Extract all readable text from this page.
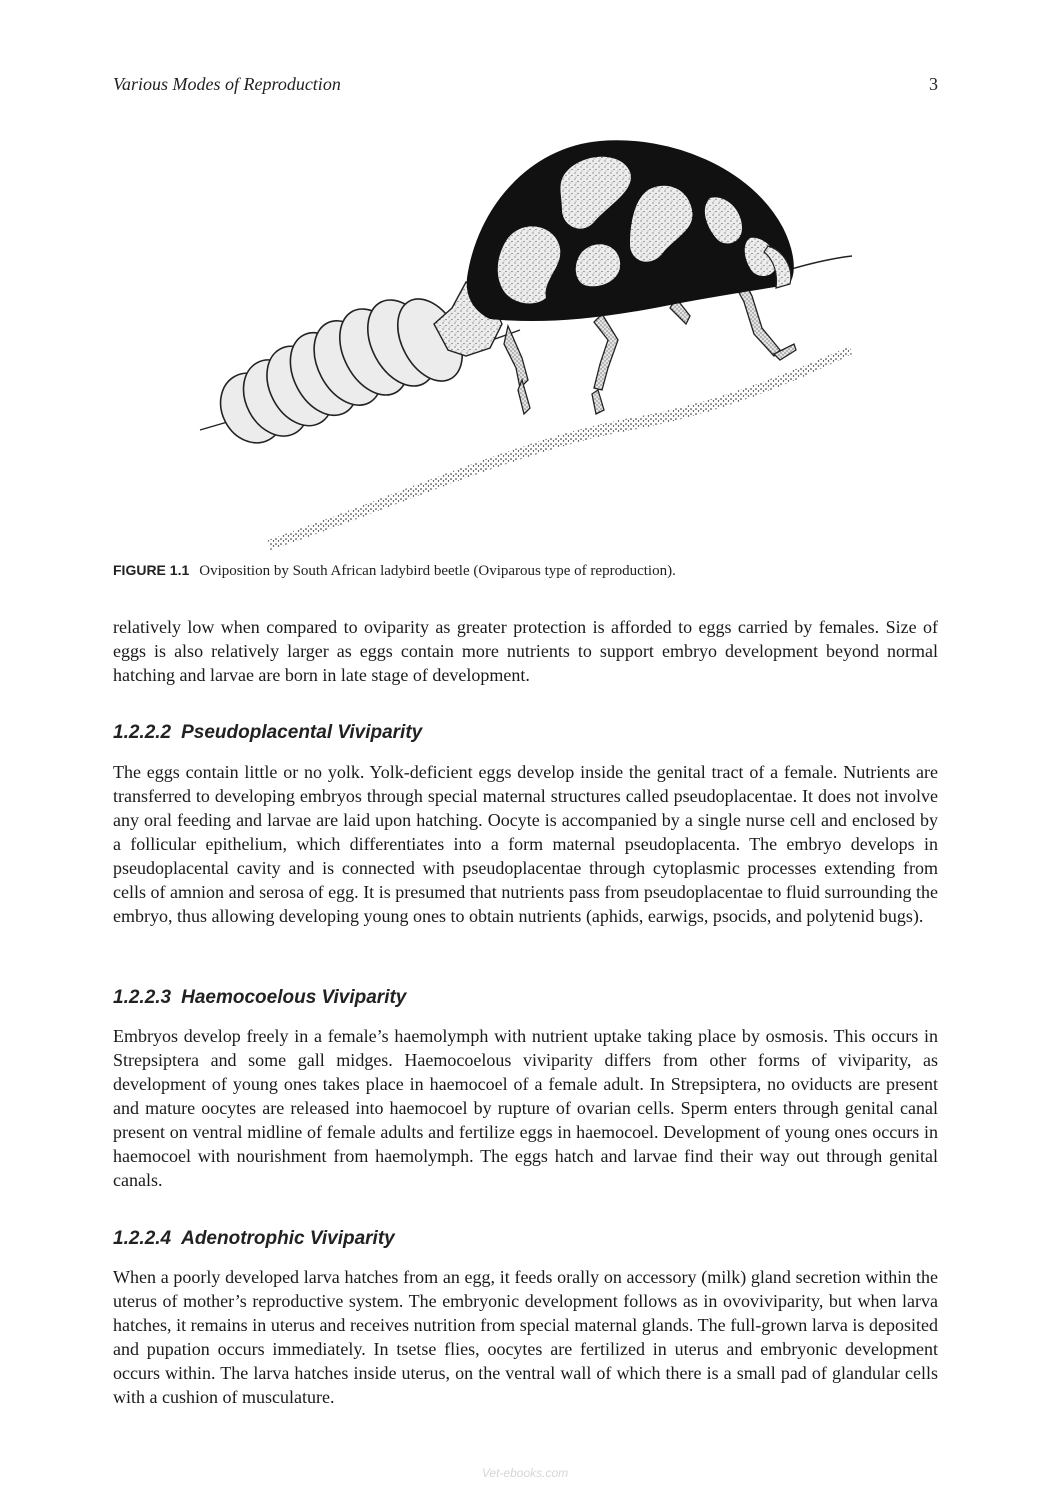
Various Modes of Reproduction	3
FIGURE 1.1 Oviposition by South African ladybird beetle (Oviparous type of reproduction).

relatively low when compared to oviparity as greater protection is afforded to eggs carried by females. Size of eggs is also relatively larger as eggs contain more nutrients to support embryo development beyond normal hatching and larvae are born in late stage of development.

1.2.2.2 Pseudoplacental Viviparity

The eggs contain little or no yolk. Yolk-deficient eggs develop inside the genital tract of a female. Nutrients are transferred to developing embryos through special maternal structures called pseudoplacentae. It does not involve any oral feeding and larvae are laid upon hatching. Oocyte is accompanied by a single nurse cell and enclosed by a follicular epithelium, which differentiates into a form maternal pseudoplacenta. The embryo develops in pseudoplacental cavity and is connected with pseudoplacentae through cytoplasmic processes extending from cells of amnion and serosa of egg. It is presumed that nutrients pass from pseudoplacentae to fluid surrounding the embryo, thus allowing developing young ones to obtain nutrients (aphids, earwigs, psocids, and polytenid bugs).

1.2.2.3 Haemocoelous Viviparity

Embryos develop freely in a female’s haemolymph with nutrient uptake taking place by osmosis. This occurs in Strepsiptera and some gall midges. Haemocoelous viviparity differs from other forms of viviparity, as development of young ones takes place in haemocoel of a female adult. In Strepsiptera, no oviducts are present and mature oocytes are released into haemocoel by rupture of ovarian cells. Sperm enters through genital canal present on ventral midline of female adults and fertilize eggs in haemocoel. Development of young ones occurs in haemocoel with nourishment from haemolymph. The eggs hatch and larvae find their way out through genital canals.

1.2.2.4 Adenotrophic Viviparity

When a poorly developed larva hatches from an egg, it feeds orally on accessory (milk) gland secretion within the uterus of mother’s reproductive system. The embryonic development follows as in ovoviviparity, but when larva hatches, it remains in uterus and receives nutrition from special maternal glands. The full-grown larva is deposited and pupation occurs immediately. In tsetse flies, oocytes are fertilized in uterus and embryonic development occurs within. The larva hatches inside uterus, on the ventral wall of which there is a small pad of glandular cells with a cushion of musculature.

Vet-ebooks.com
